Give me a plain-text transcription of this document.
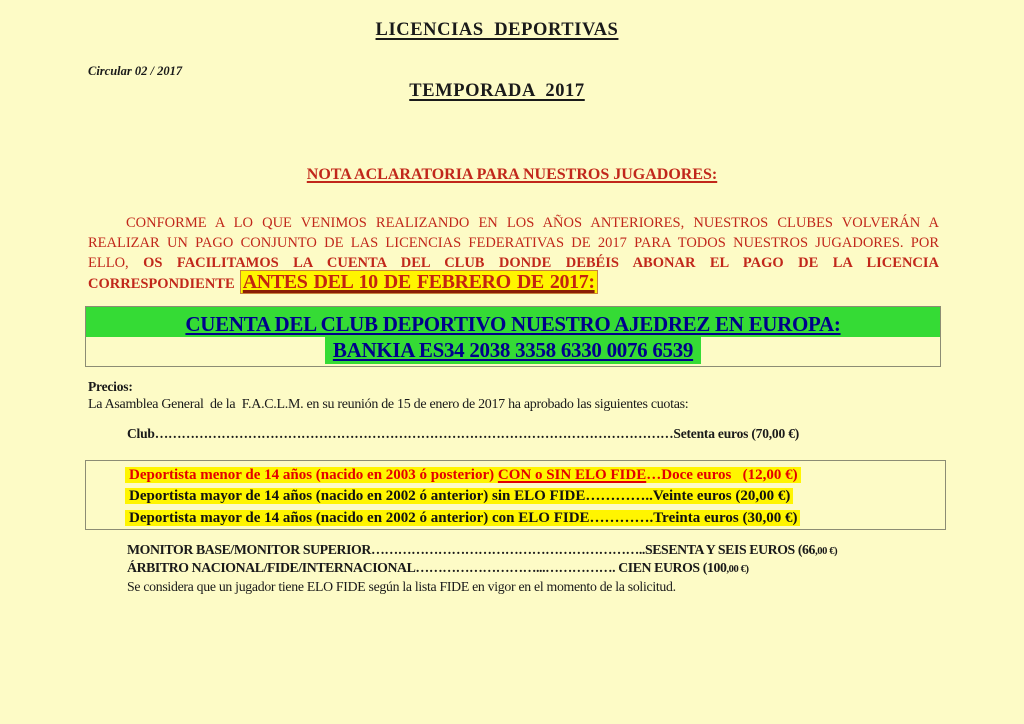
LICENCIAS  DEPORTIVAS
Circular 02 / 2017
TEMPORADA  2017
NOTA ACLARATORIA PARA NUESTROS JUGADORES:
CONFORME A LO QUE VENIMOS REALIZANDO EN LOS AÑOS ANTERIORES, NUESTROS CLUBES VOLVERÁN A REALIZAR UN PAGO CONJUNTO DE LAS LICENCIAS FEDERATIVAS DE 2017 PARA TODOS NUESTROS JUGADORES. POR ELLO, OS FACILITAMOS LA CUENTA DEL CLUB DONDE DEBÉIS ABONAR EL PAGO DE LA LICENCIA CORRESPONDIENTE ANTES DEL 10 DE FEBRERO DE 2017:
CUENTA DEL CLUB DEPORTIVO NUESTRO AJEDREZ EN EUROPA:
BANKIA ES34 2038 3358 6330 0076 6539
Precios:
La Asamblea General  de la  F.A.C.L.M. en su reunión de 15 de enero de 2017 ha aprobado las siguientes cuotas:
Club………………………………………………………………………………………………………Setenta euros (70,00 €)
Deportista menor de 14 años (nacido en 2003 ó posterior) CON o SIN ELO FIDE…Doce euros   (12,00 €)
Deportista mayor de 14 años (nacido en 2002 ó anterior) sin ELO FIDE…………..Veinte euros (20,00 €)
Deportista mayor de 14 años (nacido en 2002 ó anterior) con ELO FIDE………….Treinta euros (30,00 €)
MONITOR BASE/MONITOR SUPERIOR……………………………………………………..SESENTA Y SEIS EUROS (66,00 €)
ÁRBITRO NACIONAL/FIDE/INTERNACIONAL………………………...……………. CIEN EUROS (100,00 €)
Se considera que un jugador tiene ELO FIDE según la lista FIDE en vigor en el momento de la solicitud.
